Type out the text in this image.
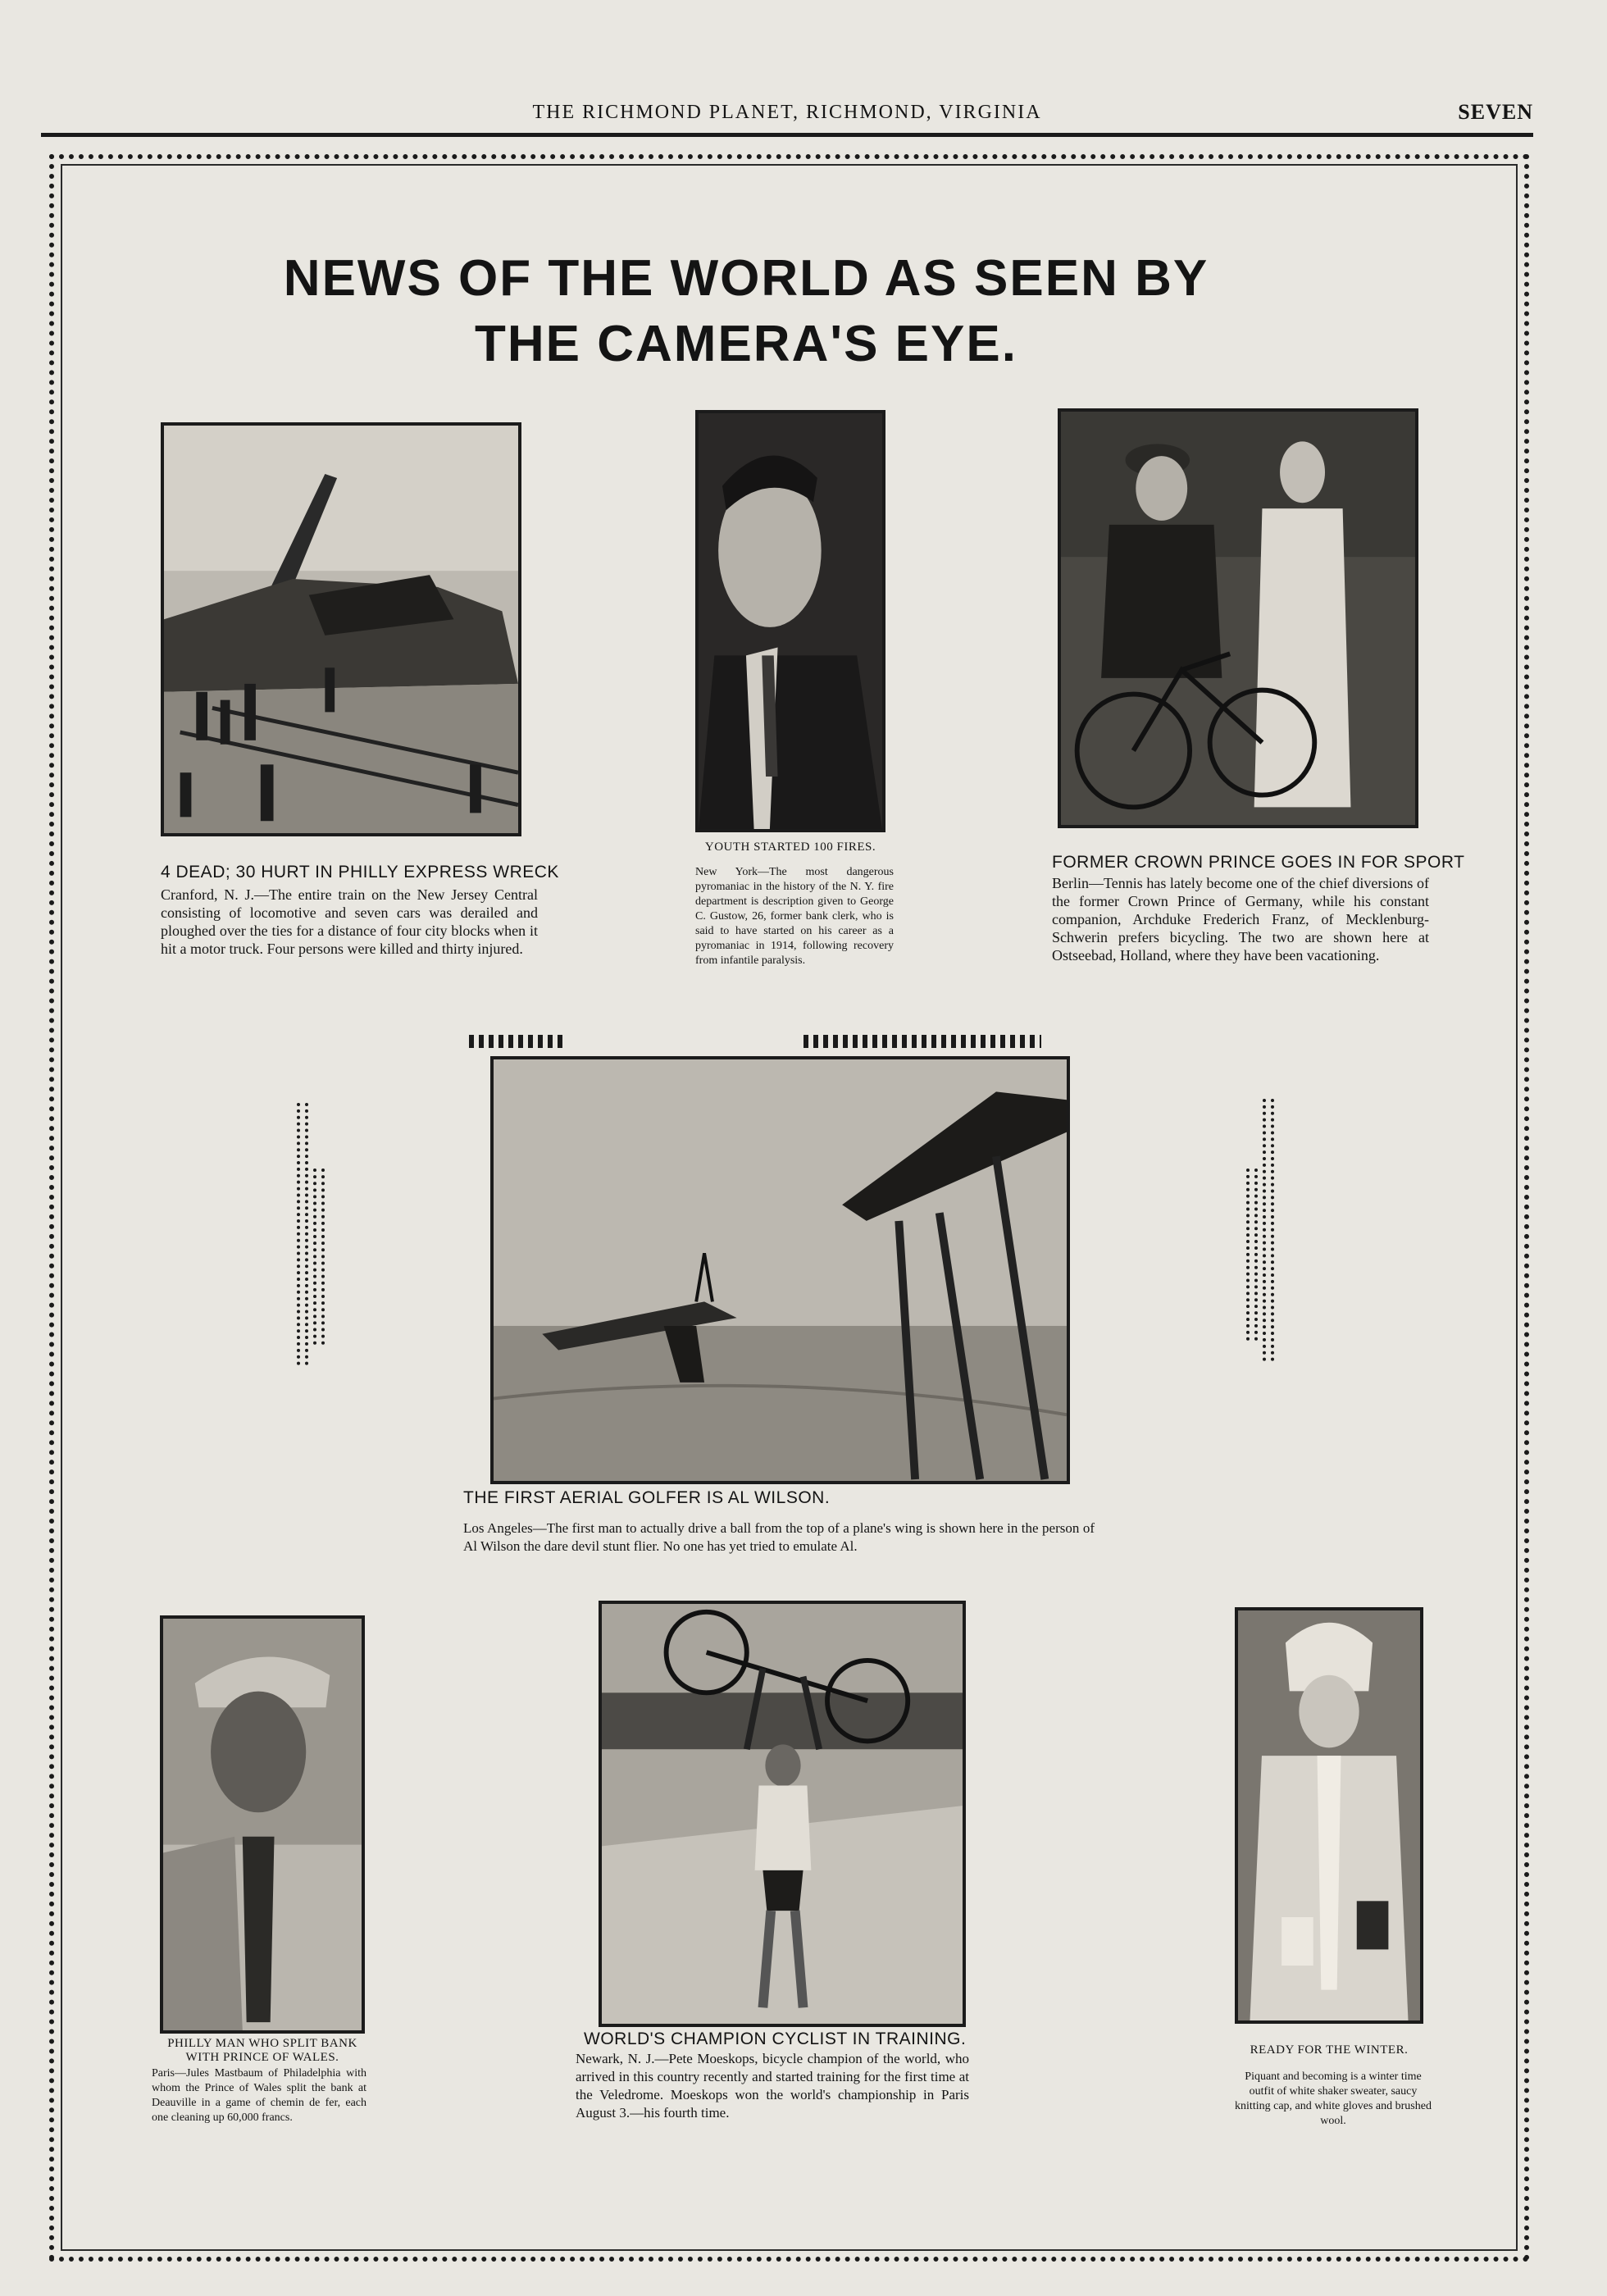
THE RICHMOND PLANET, RICHMOND, VIRGINIA	SEVEN
NEWS OF THE WORLD AS SEEN BY
THE CAMERA'S EYE.
4 DEAD; 30 HURT IN PHILLY EXPRESS WRECK
Cranford, N. J.—The entire train on the New Jersey Central consisting of locomotive and seven cars was derailed and ploughed over the ties for a distance of four city blocks when it hit a motor truck. Four persons were killed and thirty injured.
YOUTH STARTED 100 FIRES.
New York—The most dangerous pyromaniac in the history of the N. Y. fire department is description given to George C. Gustow, 26, former bank clerk, who is said to have started on his career as a pyromaniac in 1914, following recovery from infantile paralysis.
FORMER CROWN PRINCE GOES IN FOR SPORT
Berlin—Tennis has lately become one of the chief diversions of the former Crown Prince of Germany, while his constant companion, Archduke Frederich Franz, of Mecklenburg-Schwerin prefers bicycling. The two are shown here at Ostseebad, Holland, where they have been vacationing.
THE FIRST AERIAL GOLFER IS AL WILSON.
Los Angeles—The first man to actually drive a ball from the top of a plane's wing is shown here in the person of Al Wilson the dare devil stunt flier. No one has yet tried to emulate Al.
PHILLY MAN WHO SPLIT BANK WITH PRINCE OF WALES.
Paris—Jules Mastbaum of Philadelphia with whom the Prince of Wales split the bank at Deauville in a game of chemin de fer, each one cleaning up 60,000 francs.
WORLD'S CHAMPION CYCLIST IN TRAINING.
Newark, N. J.—Pete Moeskops, bicycle champion of the world, who arrived in this country recently and started training for the first time at the Veledrome. Moeskops won the world's championship in Paris August 3.—his fourth time.
READY FOR THE WINTER.
Piquant and becoming is a winter time outfit of white shaker sweater, saucy knitting cap, and white gloves and brushed wool.
